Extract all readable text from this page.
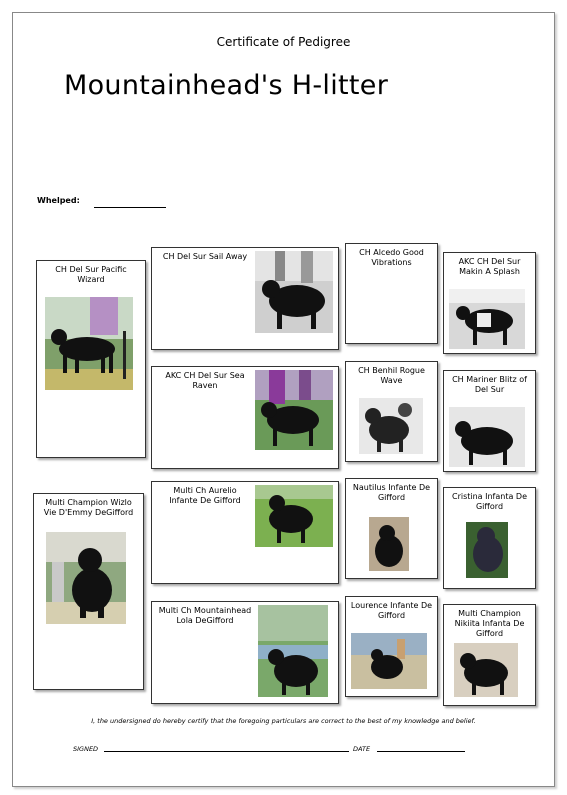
Certificate of Pedigree
Mountainhead's H-litter
Whelped:
CH Del Sur Pacific Wizard
Multi Champion Wizlo Vie D'Emmy DeGifford
CH Del Sur Sail Away
AKC CH Del Sur Sea Raven
Multi Ch Aurelio Infante De Gifford
Multi Ch Mountainhead Lola DeGifford
CH Alcedo Good Vibrations
CH Benhil Rogue Wave
Nautilus Infante De Gifford
Lourence Infante De Gifford
AKC CH Del Sur Makin A Splash
CH Mariner Blitz of Del Sur
Cristina Infanta De Gifford
Multi Champion Nikiita Infanta De Gifford
I, the undersigned do hereby certify that the foregoing particulars are correct to the best of my knowledge and belief.
SIGNED	DATE
